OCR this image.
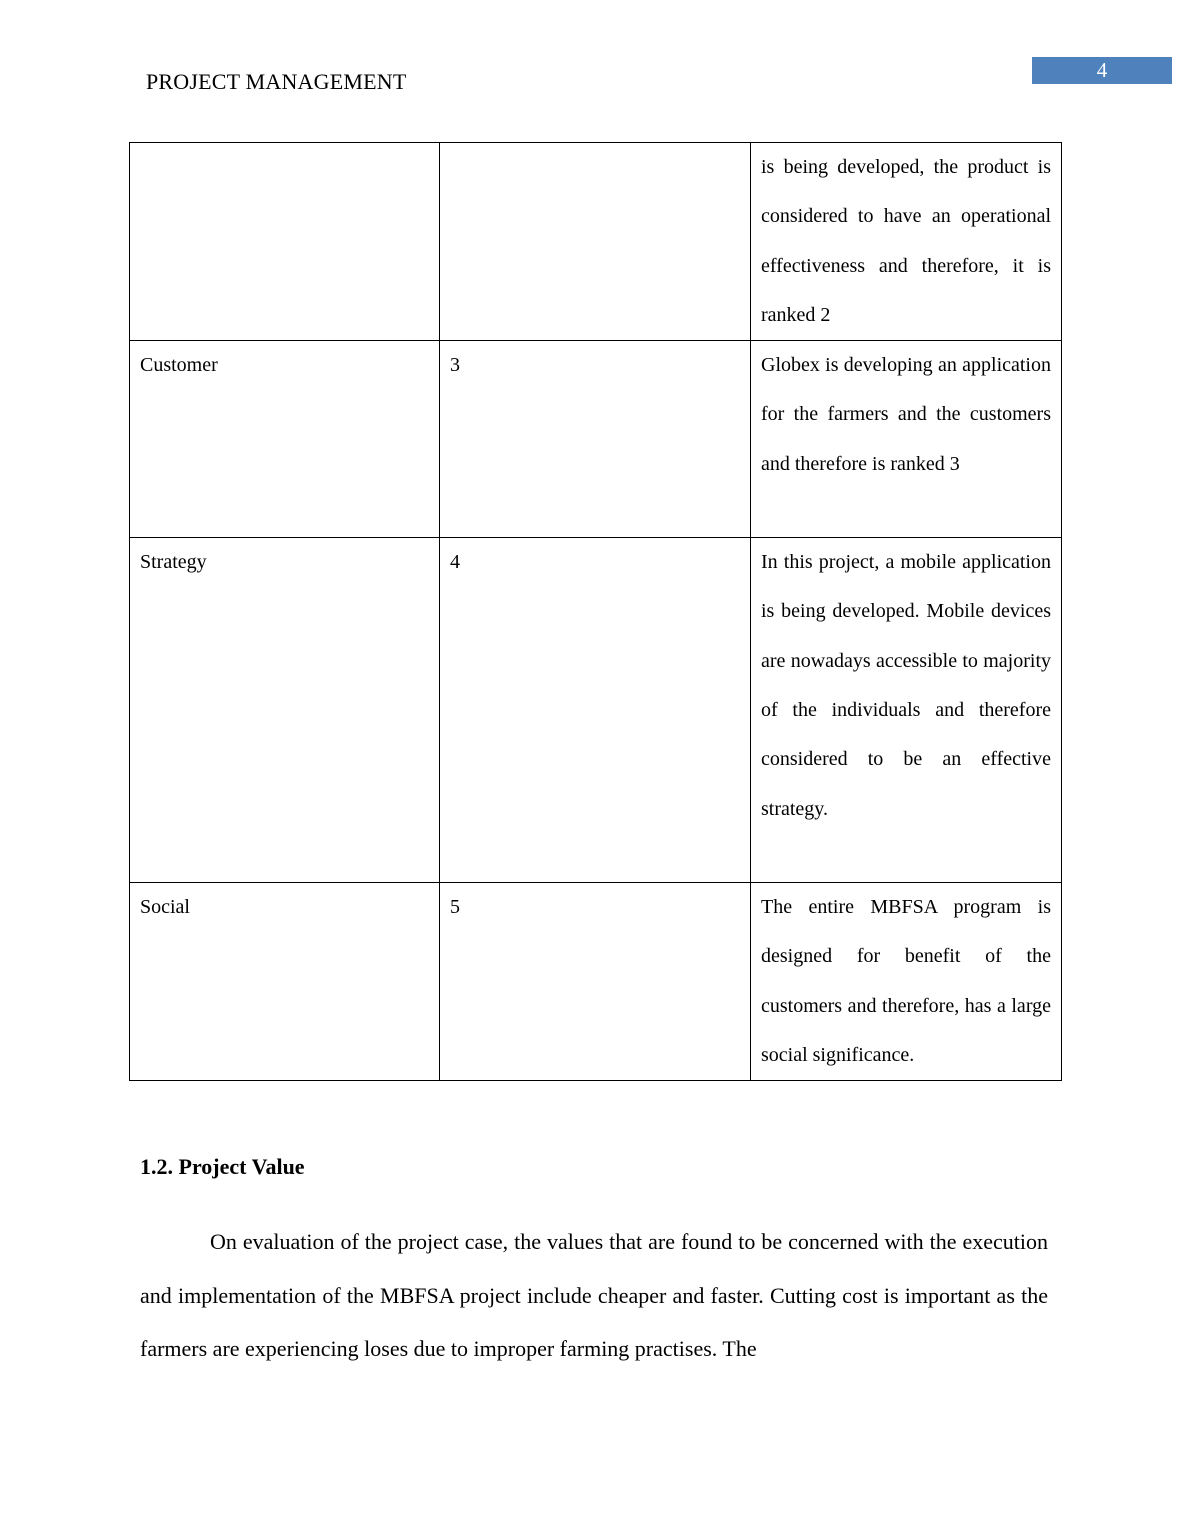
PROJECT MANAGEMENT	4
		is being developed, the product is considered to have an operational effectiveness and therefore, it is ranked 2
Customer	3	Globex is developing an application for the farmers and the customers and therefore is ranked 3
Strategy	4	In this project, a mobile application is being developed. Mobile devices are nowadays accessible to majority of the individuals and therefore considered to be an effective strategy.
Social	5	The entire MBFSA program is designed for benefit of the customers and therefore, has a large social significance.
1.2. Project Value

On evaluation of the project case, the values that are found to be concerned with the execution and implementation of the MBFSA project include cheaper and faster. Cutting cost is important as the farmers are experiencing loses due to improper farming practises. The
